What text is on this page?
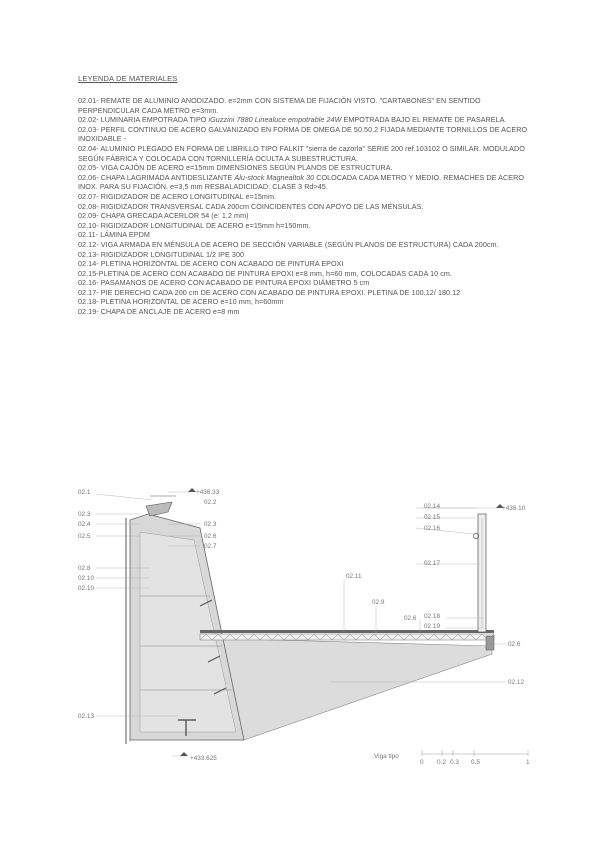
LEYENDA DE MATERIALES

02.01- REMATE DE ALUMINIO ANODIZADO. e=2mm CON SISTEMA DE FIJACIÓN VISTO. "CARTABONES" EN SENTIDO PERPENDICULAR CADA METRO e=3mm.

02.02- LUMINARIA EMPOTRADA TIPO iGuzzini 7880 Linealuce empotrable 24W EMPOTRADA BAJO EL REMATE DE PASARELA.

02.03- PERFIL CONTINUO DE ACERO GALVANIZADO EN FORMA DE OMEGA DE 50.50.2 FIJADA MEDIANTE TORNILLOS DE ACERO INOXIDABLE -

02.04- ALUMINIO PLEGADO EN FORMA DE LIBRILLO TIPO FALKIT "sierra de cazorla" SERIE 200 ref.103102 O SIMILAR. MODULADO SEGÚN FÁBRICA Y COLOCADA CON TORNILLERÍA OCULTA A SUBESTRUCTURA.

02.05- VIGA CAJÓN DE ACERO e=15mm DIMENSIONES SEGÚN PLANOS DE ESTRUCTURA.

02.06- CHAPA LAGRIMADA ANTIDESLIZANTE Alu-stock Magnealtok 30 COLOCADA CADA METRO Y MEDIO. REMACHES DE ACERO INOX. PARA SU FIJACIÓN. e=3,5 mm RESBALADICIDAD: CLASE 3 Rd>45.

02.07- RIGIDIZADOR DE ACERO LONGITUDINAL e=15mm.

02.08- RIGIDIZADOR TRANSVERSAL CADA 200cm COINCIDENTES CON APOYO DE LAS MÉNSULAS.

02.09- CHAPA GRECADA ACERLOR 54 (e: 1,2 mm)

02.10- RIGIDIZADOR LONGITUDINAL DE ACERO e=15mm h=150mm.

02.11- LÁMINA EPDM

02.12- VIGA ARMADA EN MÉNSULA DE ACERO DE SECCIÓN VARIABLE (SEGÚN PLANOS DE ESTRUCTURA) CADA 200cm.

02.13- RIGIDIZADOR LONGITUDINAL 1/2 IPE 300

02.14- PLETINA HORIZONTAL DE ACERO CON ACABADO DE PINTURA EPOXI

02.15-PLETINA DE ACERO CON ACABADO DE PINTURA EPOXI e=8 mm, h=60 mm, COLOCADAS CADA 10 cm.

02.16- PASAMANOS DE ACERO CON ACABADO DE PINTURA EPOXI DIÁMETRO 5 cm

02.17- PIE DERECHO CADA 200 cm DE ACERO CON ACABADO DE PINTURA EPOXI. PLETINA DE 100.12/ 180.12

02.18- PLETINA HORIZONTAL DE ACERO e=10 mm, h=60mm

02.19- CHAPA DE ANCLAJE DE ACERO e=8 mm

02.1
02.2
02.3
02.4
02.5
02.3
02.6
02.7
02.8
02.10
02.10
02.13
02.11
02.9
02.6
02.14
02.15
02.16
02.17
02.18
02.19
02.6
02.12
+436.33
+436.10
+433.625	Viga tipo
0 0.2 0.3 0.5	1
